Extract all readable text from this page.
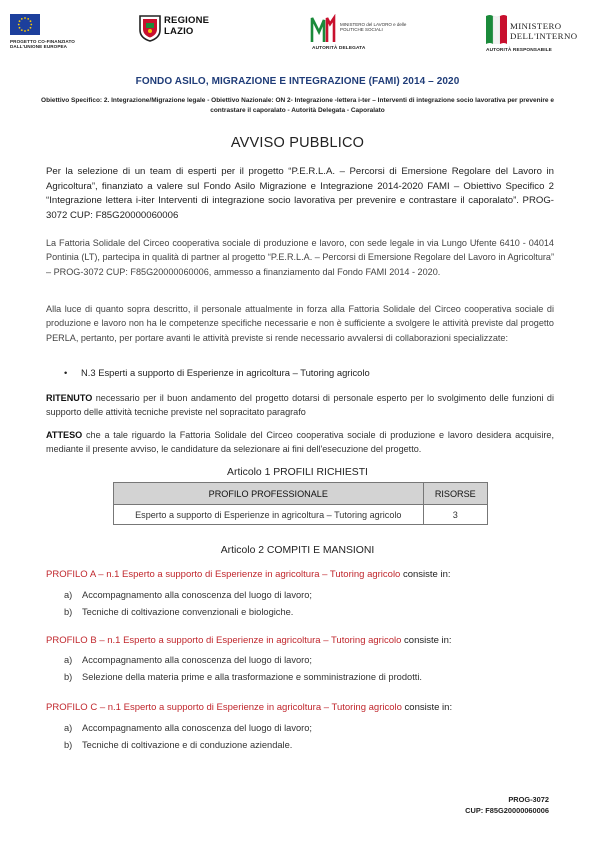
PROGETTO CO-FINANZIATO DALL'UNIONE EUROPEA
REGIONE LAZIO
MINISTERO del LAVORO e delle POLITICHE SOCIALI
AUTORITÀ DELEGATA
MINISTERO DELL'INTERNO
AUTORITÀ RESPONSABILE
FONDO ASILO, MIGRAZIONE E INTEGRAZIONE (FAMI) 2014 – 2020
Obiettivo Specifico: 2. Integrazione/Migrazione legale - Obiettivo Nazionale: ON 2- Integrazione -lettera i-ter – Interventi di integrazione socio lavorativa per prevenire e contrastare il caporalato - Autorità Delegata - Caporalato
AVVISO PUBBLICO
Per la selezione di un team di esperti per il progetto “P.E.R.L.A. – Percorsi di Emersione Regolare del Lavoro in Agricoltura”, finanziato a valere sul Fondo Asilo Migrazione e Integrazione 2014-2020 FAMI – Obiettivo Specifico 2 “Integrazione lettera i-iter Interventi di integrazione socio lavorativa per prevenire e contrastare il caporalato”. PROG-3072 CUP: F85G20000060006
La Fattoria Solidale del Circeo cooperativa sociale di produzione e lavoro, con sede legale in via Lungo Ufente 6410 - 04014 Pontinia (LT), partecipa in qualità di partner al progetto “P.E.R.L.A. – Percorsi di Emersione Regolare del Lavoro in Agricoltura” – PROG-3072 CUP: F85G20000060006, ammesso a finanziamento dal Fondo FAMI 2014 - 2020.
Alla luce di quanto sopra descritto, il personale attualmente in forza alla Fattoria Solidale del Circeo cooperativa sociale di produzione e lavoro non ha le competenze specifiche necessarie e non è sufficiente a svolgere le attività previste dal progetto PERLA, pertanto, per portare avanti le attività previste si rende necessario avvalersi di collaborazioni specializzate:
• N.3 Esperti a supporto di Esperienze in agricoltura – Tutoring agricolo
RITENUTO necessario per il buon andamento del progetto dotarsi di personale esperto per lo svolgimento delle funzioni di supporto delle attività tecniche previste nel sopracitato paragrafo
ATTESO che a tale riguardo la Fattoria Solidale del Circeo cooperativa sociale di produzione e lavoro desidera acquisire, mediante il presente avviso, le candidature da selezionare ai fini dell'esecuzione del progetto.
Articolo 1 PROFILI RICHIESTI
PROFILO PROFESSIONALE	RISORSE
Esperto a supporto di Esperienze in agricoltura – Tutoring agricolo	3
Articolo 2 COMPITI E MANSIONI
PROFILO A – n.1 Esperto a supporto di Esperienze in agricoltura – Tutoring agricolo consiste in:
a) Accompagnamento alla conoscenza del luogo di lavoro;
b) Tecniche di coltivazione convenzionali e biologiche.
PROFILO B – n.1 Esperto a supporto di Esperienze in agricoltura – Tutoring agricolo consiste in:
a) Accompagnamento alla conoscenza del luogo di lavoro;
b) Selezione della materia prime e alla trasformazione e somministrazione di prodotti.
PROFILO C – n.1 Esperto a supporto di Esperienze in agricoltura – Tutoring agricolo consiste in:
a) Accompagnamento alla conoscenza del luogo di lavoro;
b) Tecniche di coltivazione e di conduzione aziendale.
PROG-3072
CUP: F85G20000060006
